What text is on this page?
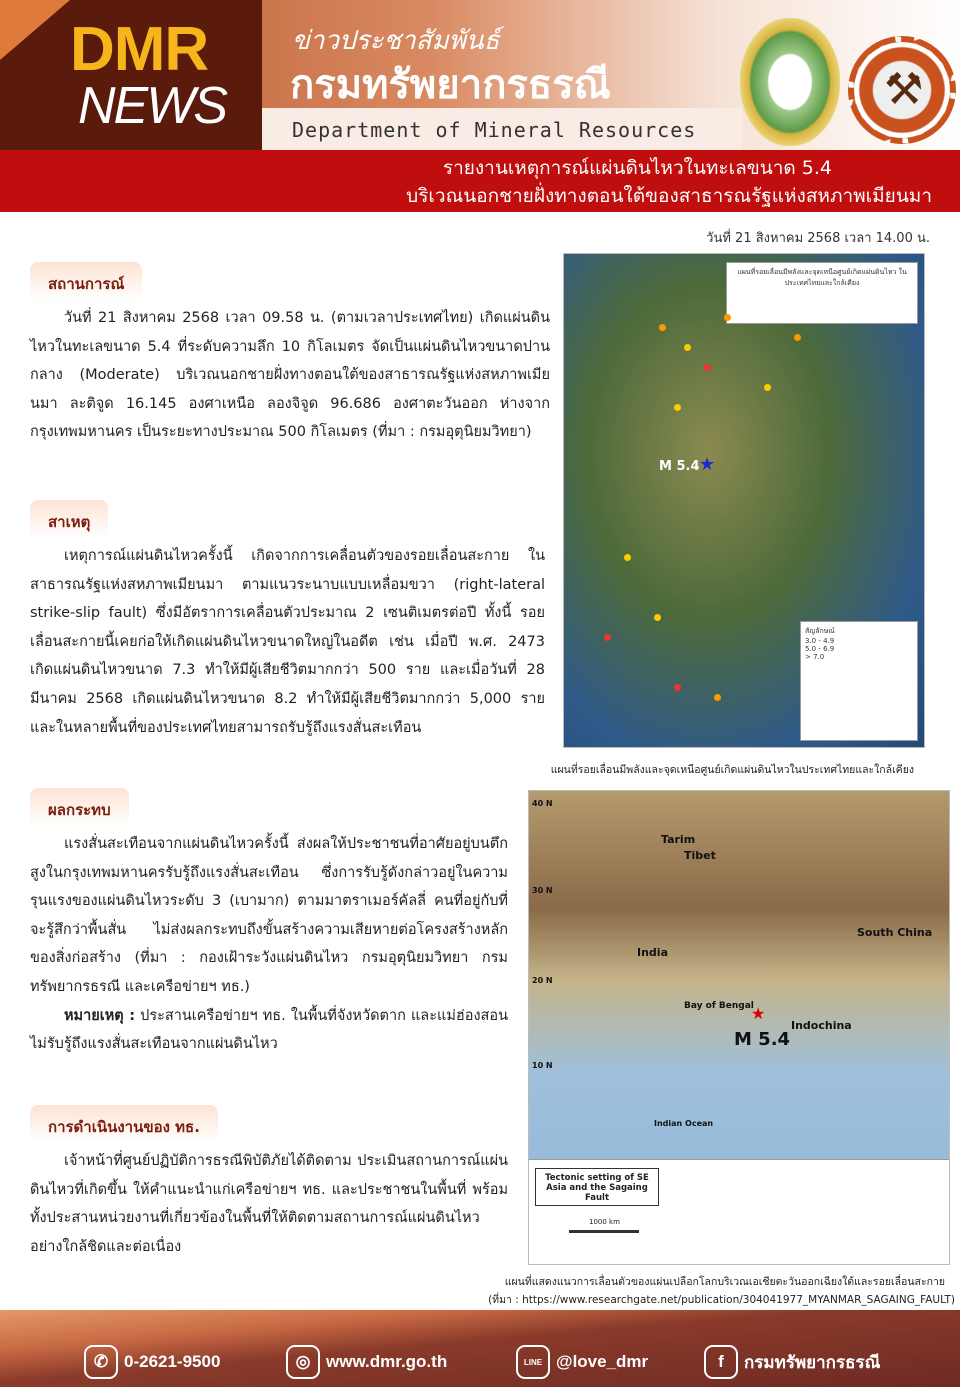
DMR
NEWS
ข่าวประชาสัมพันธ์
กรมทรัพยากรธรณี
Department of Mineral Resources
⚒
รายงานเหตุการณ์แผ่นดินไหวในทะเลขนาด 5.4
บริเวณนอกชายฝั่งทางตอนใต้ของสาธารณรัฐแห่งสหภาพเมียนมา
วันที่ 21 สิงหาคม 2568 เวลา 14.00 น.
สถานการณ์

วันที่ 21 สิงหาคม 2568 เวลา 09.58 น. (ตามเวลาประเทศไทย) เกิดแผ่นดินไหวในทะเลขนาด 5.4 ที่ระดับความลึก 10 กิโลเมตร จัดเป็นแผ่นดินไหวขนาดปานกลาง (Moderate) บริเวณนอกชายฝั่งทางตอนใต้ของสาธารณรัฐแห่งสหภาพเมียนมา ละติจูด 16.145 องศาเหนือ ลองจิจูด 96.686 องศาตะวันออก ห่างจากกรุงเทพมหานคร เป็นระยะทางประมาณ 500 กิโลเมตร (ที่มา : กรมอุตุนิยมวิทยา)

สาเหตุ

เหตุการณ์แผ่นดินไหวครั้งนี้ เกิดจากการเคลื่อนตัวของรอยเลื่อนสะกาย ในสาธารณรัฐแห่งสหภาพเมียนมา ตามแนวระนาบแบบเหลื่อมขวา (right-lateral strike-slip fault) ซึ่งมีอัตราการเคลื่อนตัวประมาณ 2 เซนติเมตรต่อปี ทั้งนี้ รอยเลื่อนสะกายนี้เคยก่อให้เกิดแผ่นดินไหวขนาดใหญ่ในอดีต เช่น เมื่อปี พ.ศ. 2473 เกิดแผ่นดินไหวขนาด 7.3 ทำให้มีผู้เสียชีวิตมากกว่า 500 ราย และเมื่อวันที่ 28 มีนาคม 2568 เกิดแผ่นดินไหวขนาด 8.2 ทำให้มีผู้เสียชีวิตมากกว่า 5,000 ราย และในหลายพื้นที่ของประเทศไทยสามารถรับรู้ถึงแรงสั่นสะเทือน

ผลกระทบ

แรงสั่นสะเทือนจากแผ่นดินไหวครั้งนี้ ส่งผลให้ประชาชนที่อาศัยอยู่บนตึกสูงในกรุงเทพมหานครรับรู้ถึงแรงสั่นสะเทือน ซึ่งการรับรู้ดังกล่าวอยู่ในความรุนแรงของแผ่นดินไหวระดับ 3 (เบามาก) ตามมาตราเมอร์คัลลี่ คนที่อยู่กับที่จะรู้สึกว่าพื้นสั่น ไม่ส่งผลกระทบถึงขั้นสร้างความเสียหายต่อโครงสร้างหลักของสิ่งก่อสร้าง (ที่มา : กองเฝ้าระวังแผ่นดินไหว กรมอุตุนิยมวิทยา กรมทรัพยากรธรณี และเครือข่ายฯ ทธ.)

หมายเหตุ : ประสานเครือข่ายฯ ทธ. ในพื้นที่จังหวัดตาก และแม่ฮ่องสอน ไม่รับรู้ถึงแรงสั่นสะเทือนจากแผ่นดินไหว

การดำเนินงานของ ทธ.

เจ้าหน้าที่ศูนย์ปฏิบัติการธรณีพิบัติภัยได้ติดตาม ประเมินสถานการณ์แผ่นดินไหวที่เกิดขึ้น ให้คำแนะนำแก่เครือข่ายฯ ทธ. และประชาชนในพื้นที่ พร้อมทั้งประสานหน่วยงานที่เกี่ยวข้องในพื้นที่ให้ติดตามสถานการณ์แผ่นดินไหวอย่างใกล้ชิดและต่อเนื่อง

แผนที่รอยเลื่อนมีพลังและจุดเหนือศูนย์เกิดแผ่นดินไหว ในประเทศไทยและใกล้เคียง
M 5.4 ★
สัญลักษณ์
3.0 - 4.9
5.0 - 6.9
> 7.0
แผนที่รอยเลื่อนมีพลังและจุดเหนือศูนย์เกิดแผ่นดินไหวในประเทศไทยและใกล้เคียง
40 N
30 N
20 N
10 N
Tarim
Tibet
South China
India
Bay of Bengal
Indochina
Indian Ocean
★
M 5.4
Tectonic setting of SE Asia and the Sagaing Fault
1000 km
แผนที่แสดงแนวการเลื่อนตัวของแผ่นเปลือกโลกบริเวณเอเชียตะวันออกเฉียงใต้และรอยเลื่อนสะกาย
(ที่มา : https://www.researchgate.net/publication/304041977_MYANMAR_SAGAING_FAULT)
✆ 0-2621-9500	◎ www.dmr.go.th	LINE @love_dmr	f	กรมทรัพยากรธรณี
